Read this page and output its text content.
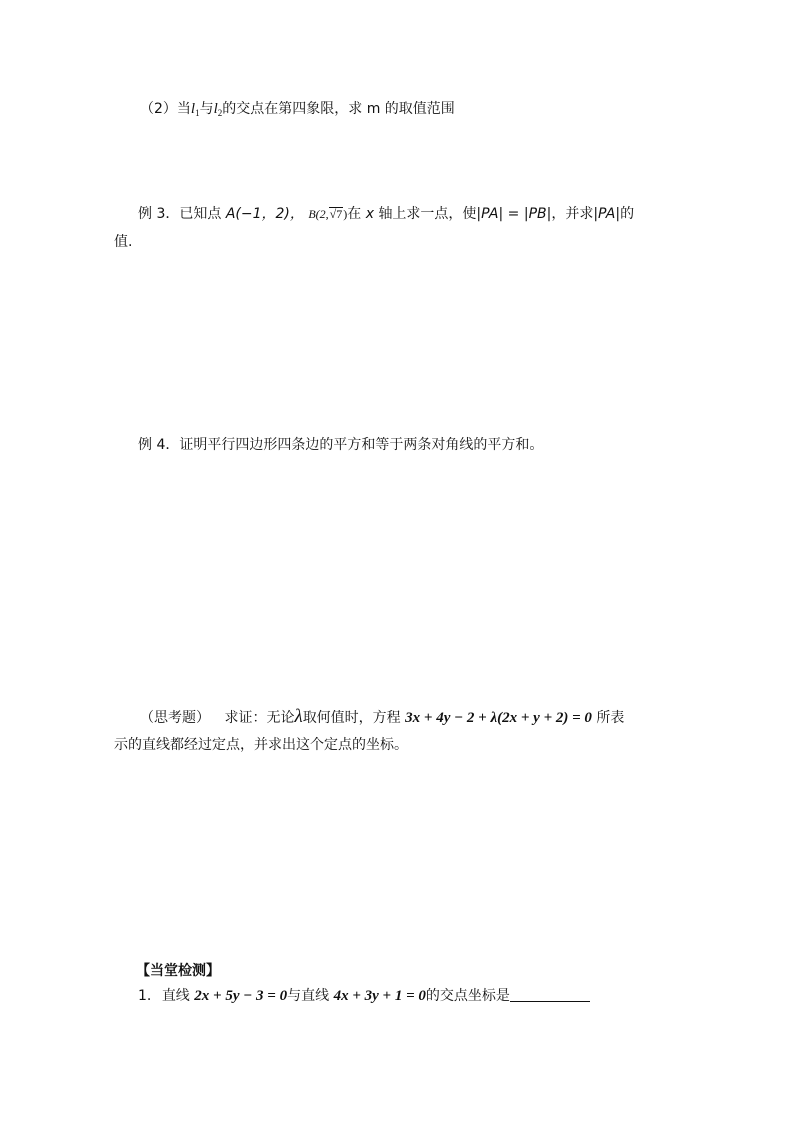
（2）当$l_1$与$l_2$的交点在第四象限，求 m 的取值范围
例 3．已知点 A(−1，2)， B(2,√7)在 x 轴上求一点，使|PA| = |PB|，并求|PA|的
值.
例 4．证明平行四边形四条边的平方和等于两条对角线的平方和。
（思考题） 求证：无论λ取何值时，方程 3x + 4y − 2 + λ(2x + y + 2) = 0 所表
示的直线都经过定点，并求出这个定点的坐标。
【当堂检测】
1. 直线 2x + 5y − 3 = 0与直线 4x + 3y + 1 = 0的交点坐标是
